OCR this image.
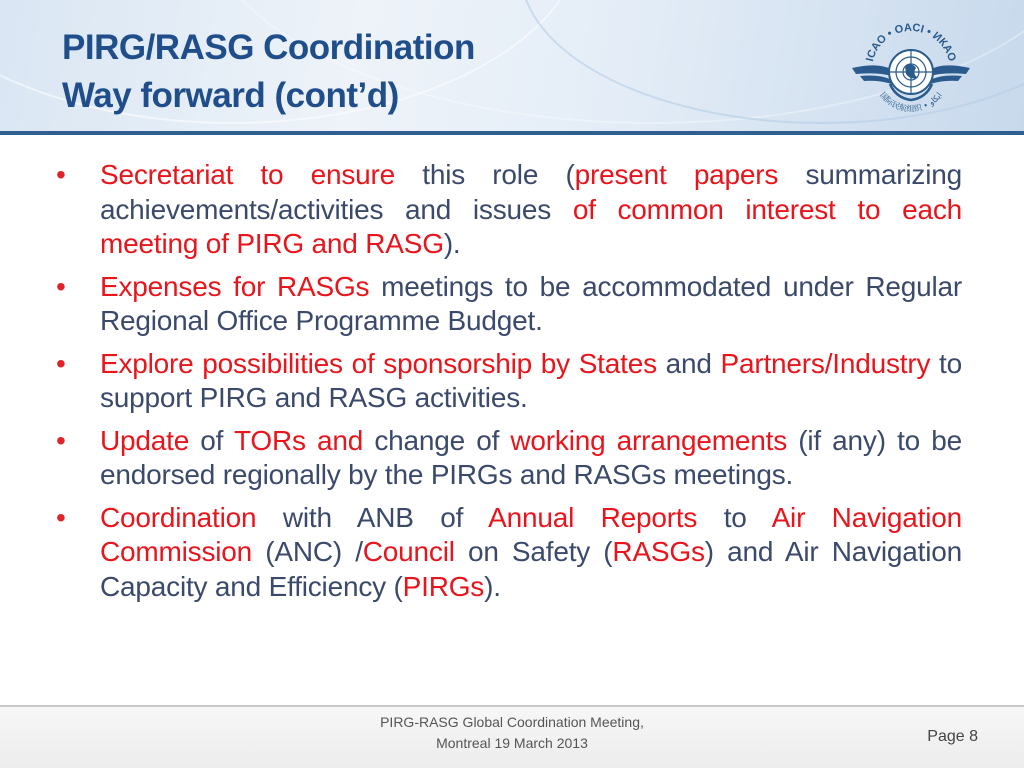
PIRG/RASG Coordination
Way forward (cont’d)
ICAO • OACI • ИКАО
国际民航组织 • ايكاو
• Secretariat to ensure this role (present papers summarizing achievements/activities and issues of common interest to each meeting of PIRG and RASG).
• Expenses for RASGs meetings to be accommodated under Regular Regional Office Programme Budget.
• Explore possibilities of sponsorship by States and Partners/Industry to support PIRG and RASG activities.
• Update of TORs and change of working arrangements (if any) to be endorsed regionally by the PIRGs and RASGs meetings.
• Coordination with ANB of Annual Reports to Air Navigation Commission (ANC) /Council on Safety (RASGs) and Air Navigation Capacity and Efficiency (PIRGs).
PIRG-RASG Global Coordination Meeting,
Montreal 19 March 2013	Page 8
